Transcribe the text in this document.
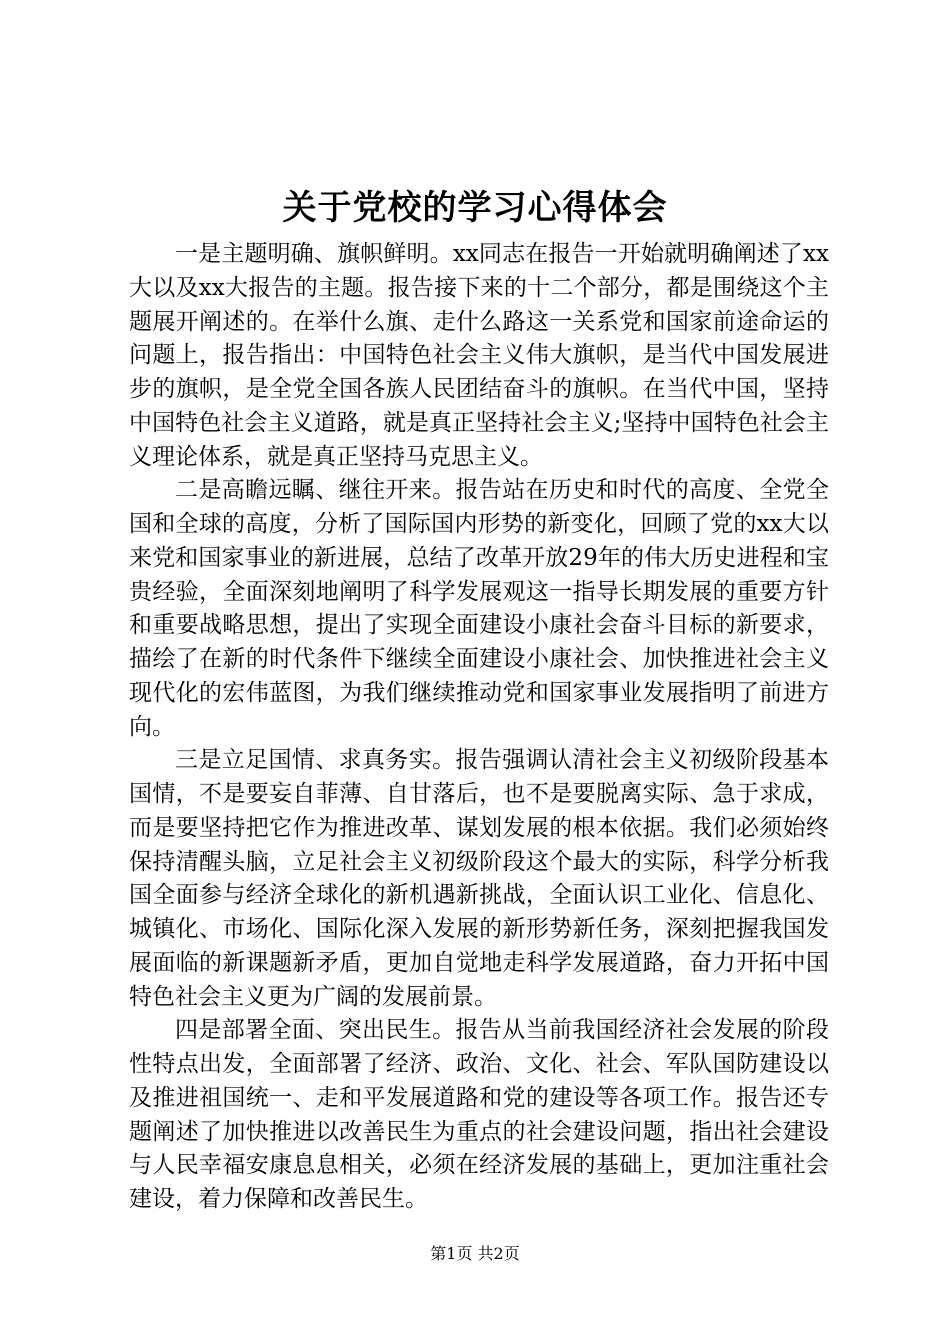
关于党校的学习心得体会

一是主题明确、旗帜鲜明。xx同志在报告一开始就明确阐述了xx大以及xx大报告的主题。报告接下来的十二个部分，都是围绕这个主题展开阐述的。在举什么旗、走什么路这一关系党和国家前途命运的问题上，报告指出：中国特色社会主义伟大旗帜，是当代中国发展进步的旗帜，是全党全国各族人民团结奋斗的旗帜。在当代中国，坚持中国特色社会主义道路，就是真正坚持社会主义;坚持中国特色社会主义理论体系，就是真正坚持马克思主义。

二是高瞻远瞩、继往开来。报告站在历史和时代的高度、全党全国和全球的高度，分析了国际国内形势的新变化，回顾了党的xx大以来党和国家事业的新进展，总结了改革开放29年的伟大历史进程和宝贵经验，全面深刻地阐明了科学发展观这一指导长期发展的重要方针和重要战略思想，提出了实现全面建设小康社会奋斗目标的新要求，描绘了在新的时代条件下继续全面建设小康社会、加快推进社会主义现代化的宏伟蓝图，为我们继续推动党和国家事业发展指明了前进方向。

三是立足国情、求真务实。报告强调认清社会主义初级阶段基本国情，不是要妄自菲薄、自甘落后，也不是要脱离实际、急于求成，而是要坚持把它作为推进改革、谋划发展的根本依据。我们必须始终保持清醒头脑，立足社会主义初级阶段这个最大的实际，科学分析我国全面参与经济全球化的新机遇新挑战，全面认识工业化、信息化、城镇化、市场化、国际化深入发展的新形势新任务，深刻把握我国发展面临的新课题新矛盾，更加自觉地走科学发展道路，奋力开拓中国特色社会主义更为广阔的发展前景。

四是部署全面、突出民生。报告从当前我国经济社会发展的阶段性特点出发，全面部署了经济、政治、文化、社会、军队国防建设以及推进祖国统一、走和平发展道路和党的建设等各项工作。报告还专题阐述了加快推进以改善民生为重点的社会建设问题，指出社会建设与人民幸福安康息息相关，必须在经济发展的基础上，更加注重社会建设，着力保障和改善民生。

第1页 共2页
